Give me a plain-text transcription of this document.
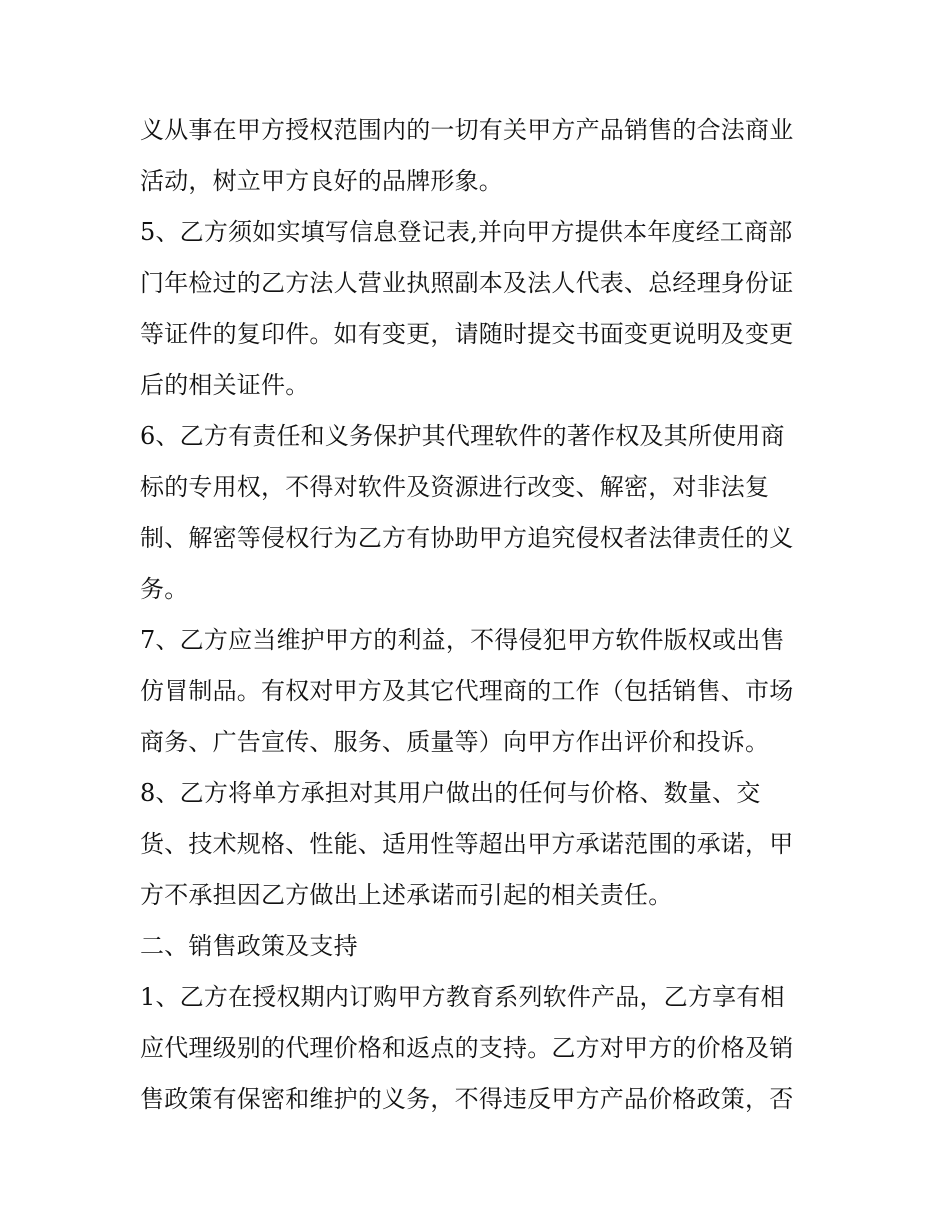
义从事在甲方授权范围内的一切有关甲方产品销售的合法商业
活动，树立甲方良好的品牌形象。
5、乙方须如实填写信息登记表,并向甲方提供本年度经工商部
门年检过的乙方法人营业执照副本及法人代表、总经理身份证
等证件的复印件。如有变更，请随时提交书面变更说明及变更
后的相关证件。
6、乙方有责任和义务保护其代理软件的著作权及其所使用商
标的专用权，不得对软件及资源进行改变、解密，对非法复
制、解密等侵权行为乙方有协助甲方追究侵权者法律责任的义
务。
7、乙方应当维护甲方的利益，不得侵犯甲方软件版权或出售
仿冒制品。有权对甲方及其它代理商的工作（包括销售、市场
商务、广告宣传、服务、质量等）向甲方作出评价和投诉。
8、乙方将单方承担对其用户做出的任何与价格、数量、交
货、技术规格、性能、适用性等超出甲方承诺范围的承诺，甲
方不承担因乙方做出上述承诺而引起的相关责任。
二、销售政策及支持
1、乙方在授权期内订购甲方教育系列软件产品，乙方享有相
应代理级别的代理价格和返点的支持。乙方对甲方的价格及销
售政策有保密和维护的义务，不得违反甲方产品价格政策，否
